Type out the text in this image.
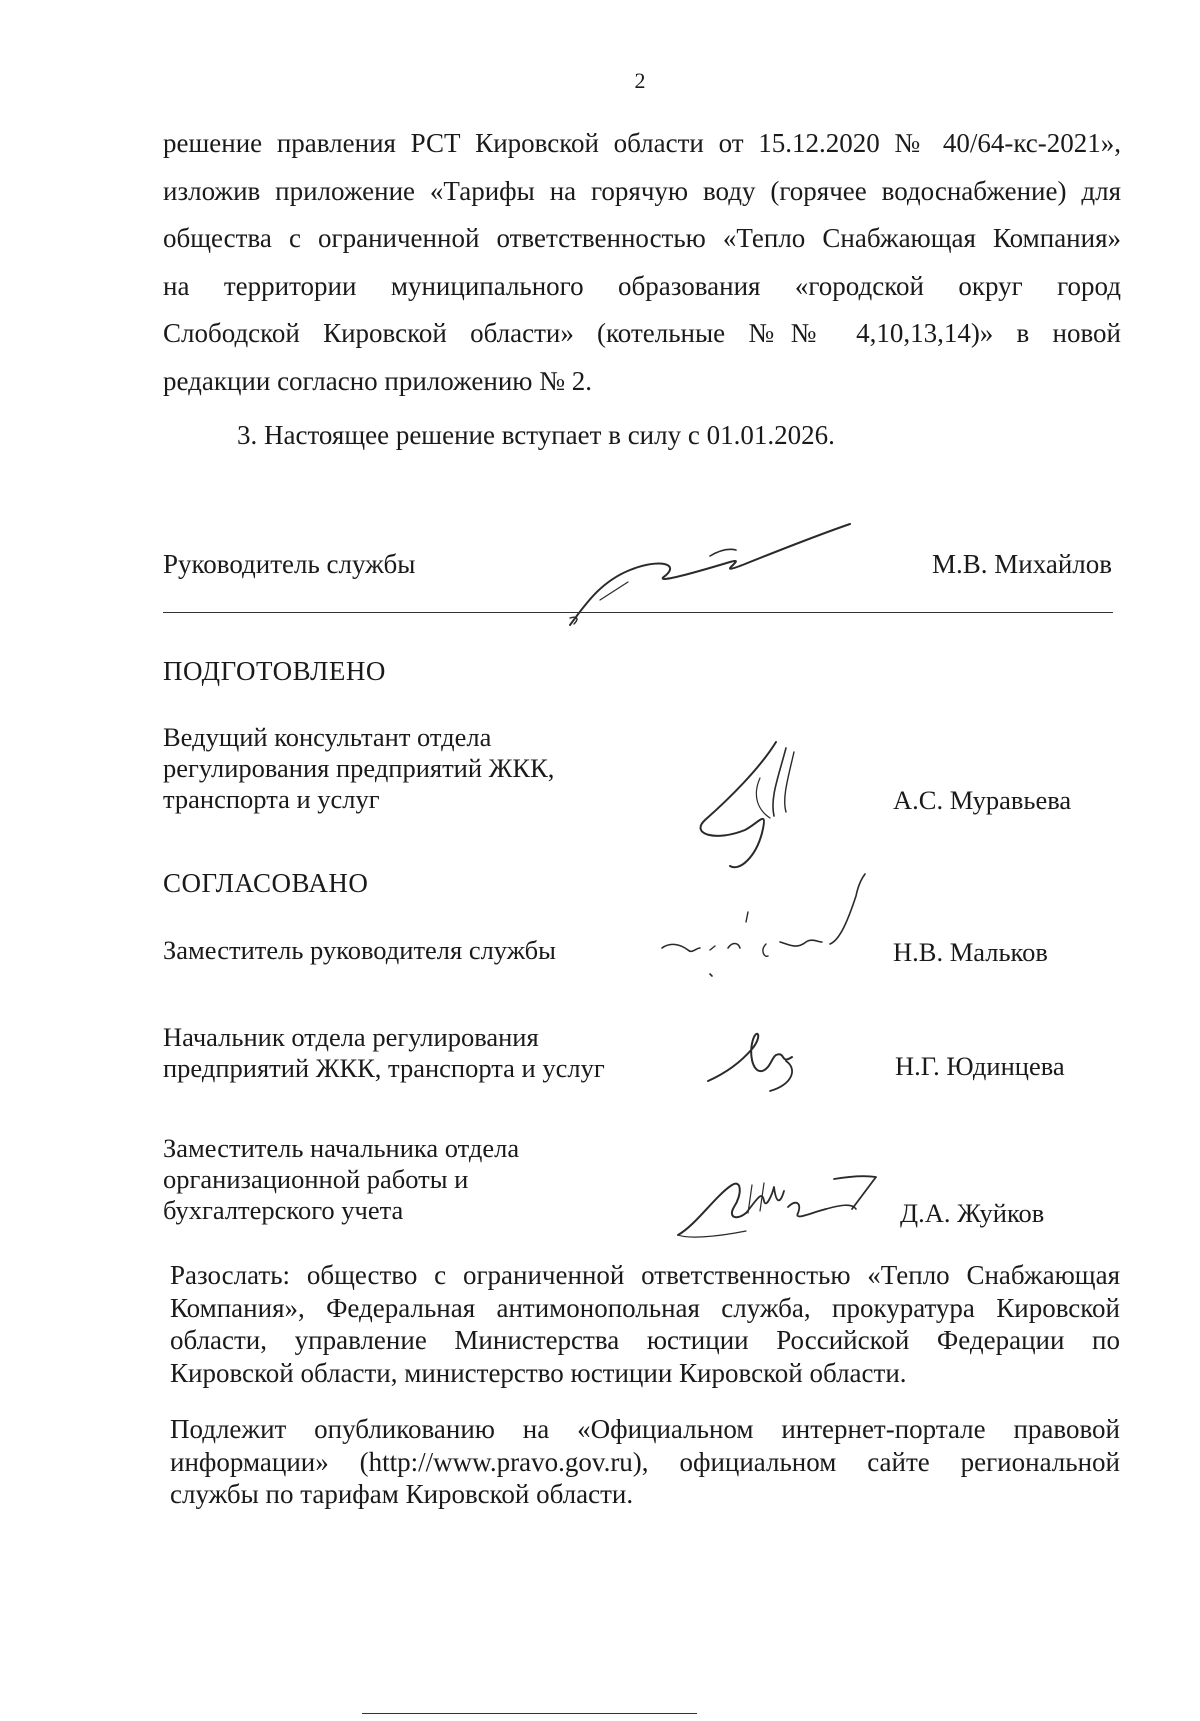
2
решение правления РСТ Кировской области от 15.12.2020 № 40/64-кс-2021»,
изложив приложение «Тарифы на горячую воду (горячее водоснабжение) для
общества с ограниченной ответственностью «Тепло Снабжающая Компания»
на территории муниципального образования «городской округ город
Слободской Кировской области» (котельные №№ 4,10,13,14)» в новой
редакции согласно приложению № 2.

3. Настоящее решение вступает в силу с 01.01.2026.

Руководитель службы	М.В. Михайлов
ПОДГОТОВЛЕНО
Ведущий консультант отдела
регулирования предприятий ЖКК,
транспорта и услуг	А.С. Муравьева
СОГЛАСОВАНО
Заместитель руководителя службы	Н.В. Мальков
Начальник отдела регулирования
предприятий ЖКК, транспорта и услуг	Н.Г. Юдинцева
Заместитель начальника отдела
организационной работы и
бухгалтерского учета	Д.А. Жуйков
Разослать: общество с ограниченной ответственностью «Тепло Снабжающая
Компания», Федеральная антимонопольная служба, прокуратура Кировской
области, управление Министерства юстиции Российской Федерации по
Кировской области, министерство юстиции Кировской области.
Подлежит опубликованию на «Официальном интернет-портале правовой
информации» (http://www.pravo.gov.ru), официальном сайте региональной
службы по тарифам Кировской области.
